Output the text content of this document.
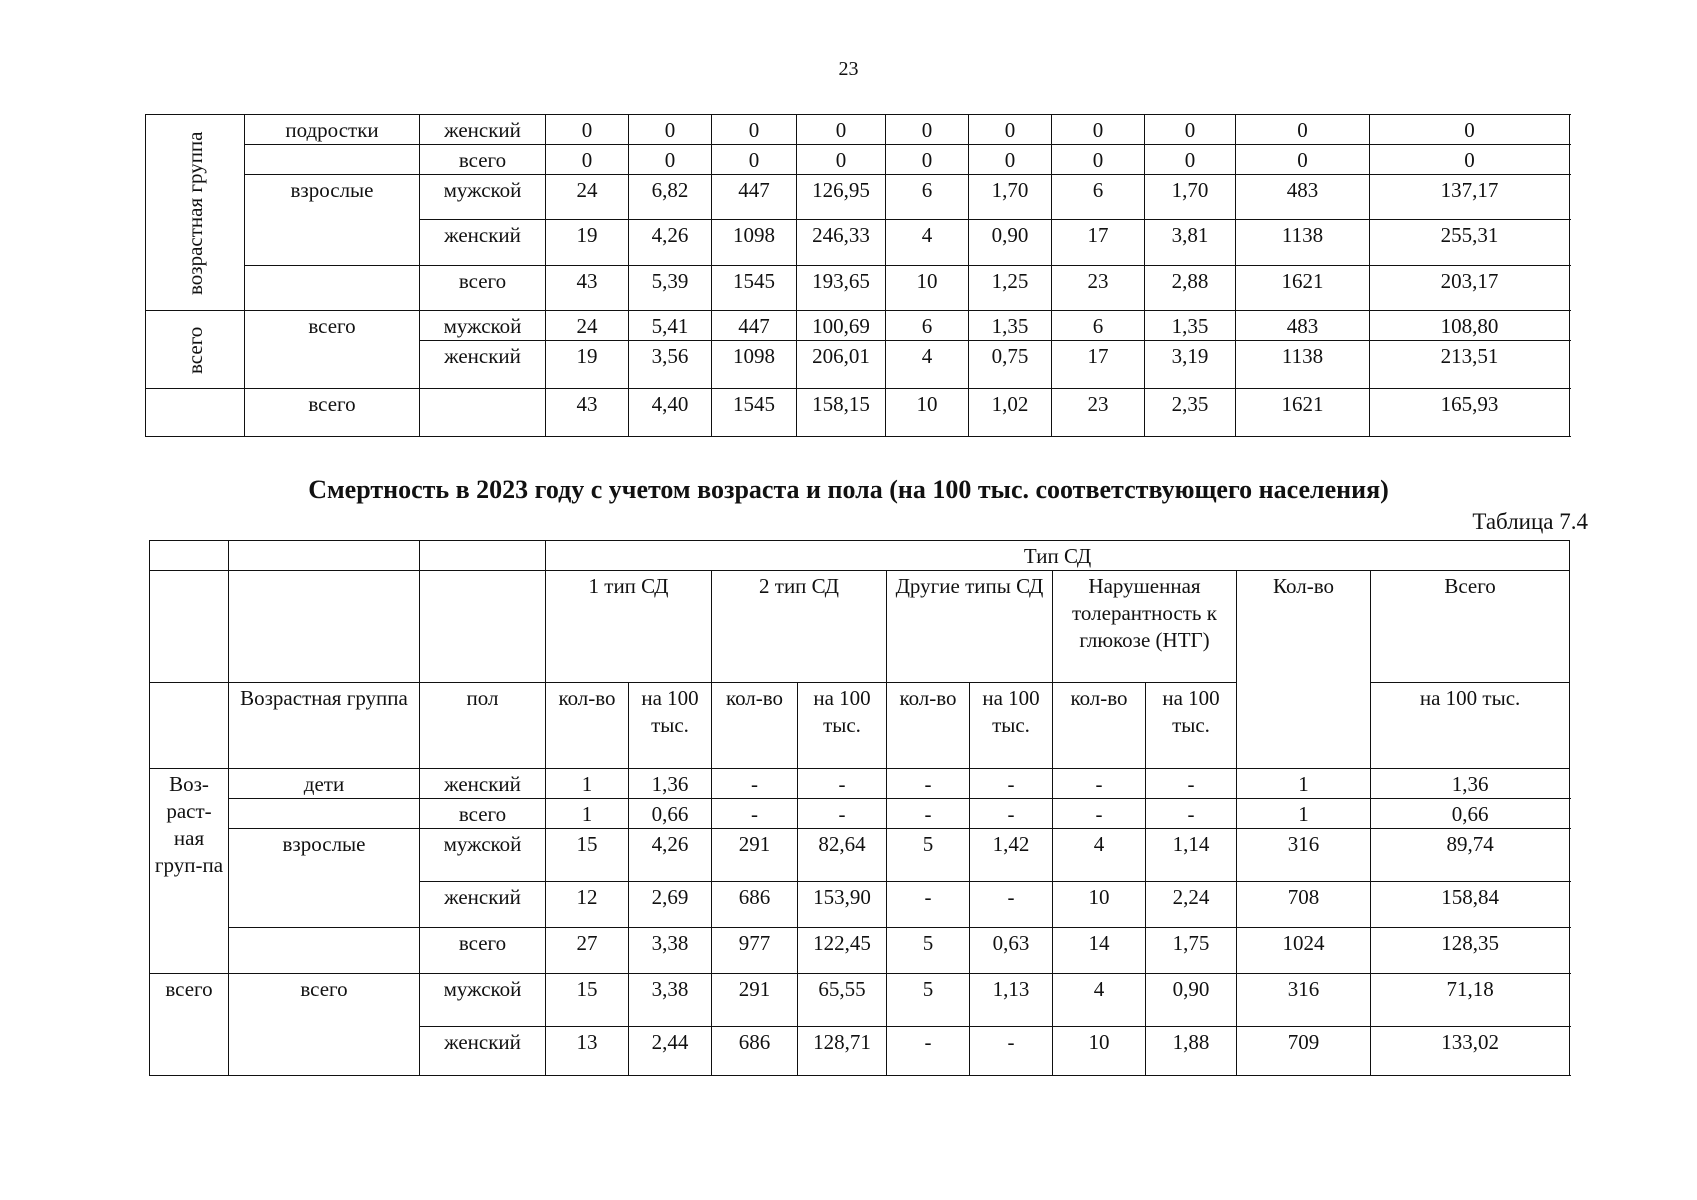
23
возрастная группа	подростки	женский	0	0	0	0	0	0	0	0	0	0
		всего	0	0	0	0	0	0	0	0	0	0
	взрослые	мужской	24	6,82	447	126,95	6	1,70	6	1,70	483	137,17
		женский	19	4,26	1098	246,33	4	0,90	17	3,81	1138	255,31
		всего	43	5,39	1545	193,65	10	1,25	23	2,88	1621	203,17
всего	всего	мужской	24	5,41	447	100,69	6	1,35	6	1,35	483	108,80
		женский	19	3,56	1098	206,01	4	0,75	17	3,19	1138	213,51
	всего		43	4,40	1545	158,15	10	1,02	23	2,35	1621	165,93
Смертность в 2023 году с учетом возраста и пола (на 100 тыс. соответствующего населения)
Таблица 7.4
			Тип СД									
			1 тип СД		2 тип СД		Другие типы СД		Нарушенная толерантность к глюкозе (НТГ)		Кол-во	Всего
	Возрастная группа	пол	кол-во	на 100 тыс.	кол-во	на 100 тыс.	кол-во	на 100 тыс.	кол-во	на 100 тыс.		на 100 тыс.
Воз-раст-ная груп-па	дети	женский	1	1,36	-	-	-	-	-	-	1	1,36
		всего	1	0,66	-	-	-	-	-	-	1	0,66
	взрослые	мужской	15	4,26	291	82,64	5	1,42	4	1,14	316	89,74
		женский	12	2,69	686	153,90	-	-	10	2,24	708	158,84
		всего	27	3,38	977	122,45	5	0,63	14	1,75	1024	128,35
всего	всего	мужской	15	3,38	291	65,55	5	1,13	4	0,90	316	71,18
		женский	13	2,44	686	128,71	-	-	10	1,88	709	133,02
